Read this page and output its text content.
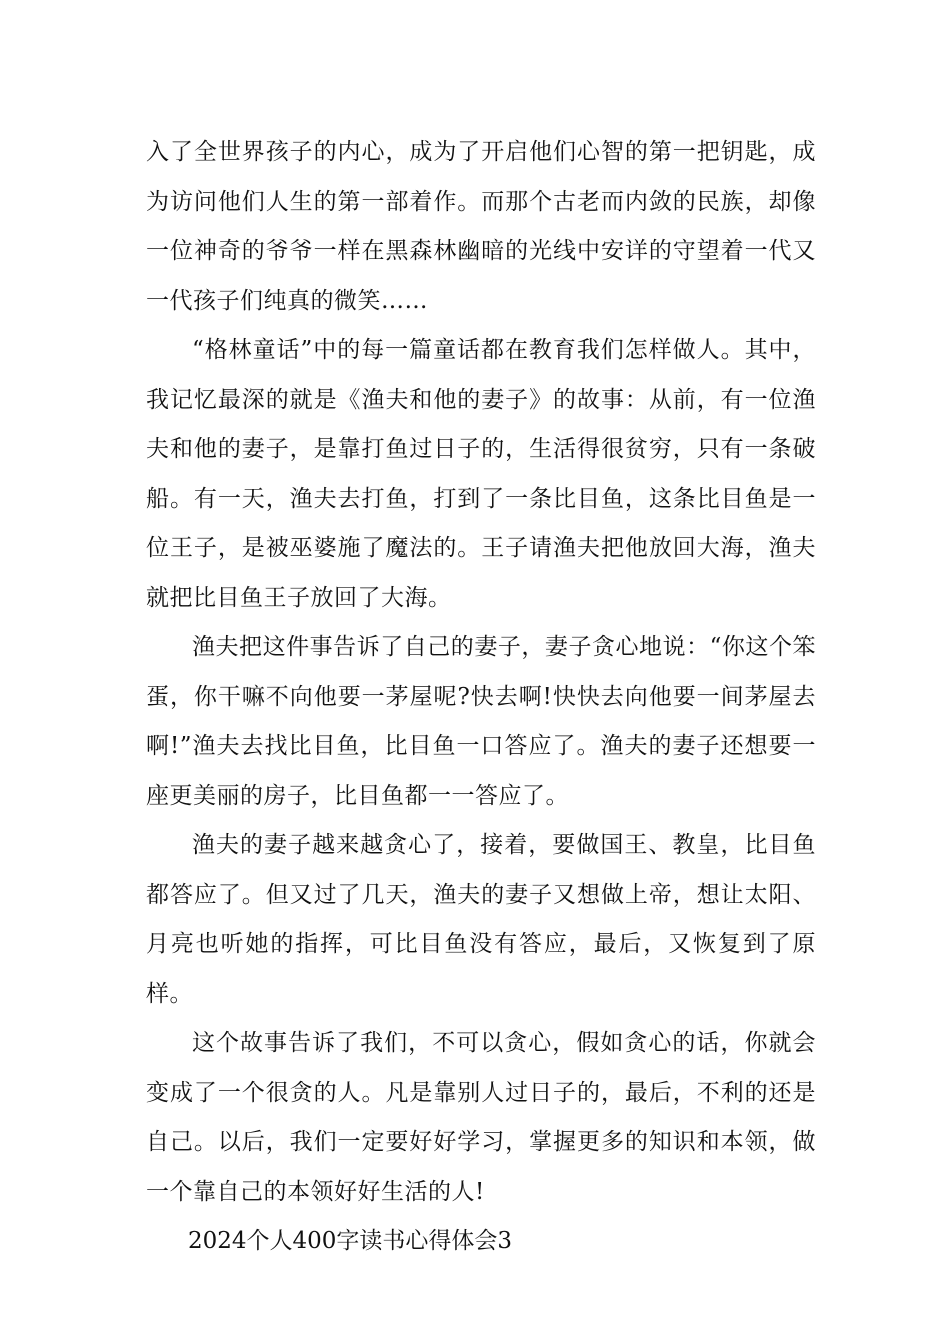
入了全世界孩子的内心，成为了开启他们心智的第一把钥匙，成为访问他们人生的第一部着作。而那个古老而内敛的民族，却像一位神奇的爷爷一样在黑森林幽暗的光线中安详的守望着一代又一代孩子们纯真的微笑……

“格林童话”中的每一篇童话都在教育我们怎样做人。其中，我记忆最深的就是《渔夫和他的妻子》的故事：从前，有一位渔夫和他的妻子，是靠打鱼过日子的，生活得很贫穷，只有一条破船。有一天，渔夫去打鱼，打到了一条比目鱼，这条比目鱼是一位王子，是被巫婆施了魔法的。王子请渔夫把他放回大海，渔夫就把比目鱼王子放回了大海。

渔夫把这件事告诉了自己的妻子，妻子贪心地说：“你这个笨蛋，你干嘛不向他要一茅屋呢?快去啊!快快去向他要一间茅屋去啊!”渔夫去找比目鱼，比目鱼一口答应了。渔夫的妻子还想要一座更美丽的房子，比目鱼都一一答应了。

渔夫的妻子越来越贪心了，接着，要做国王、教皇，比目鱼都答应了。但又过了几天，渔夫的妻子又想做上帝，想让太阳、月亮也听她的指挥，可比目鱼没有答应，最后，又恢复到了原样。

这个故事告诉了我们，不可以贪心，假如贪心的话，你就会变成了一个很贪的人。凡是靠别人过日子的，最后，不利的还是自己。以后，我们一定要好好学习，掌握更多的知识和本领，做一个靠自己的本领好好生活的人!

2024个人400字读书心得体会3
